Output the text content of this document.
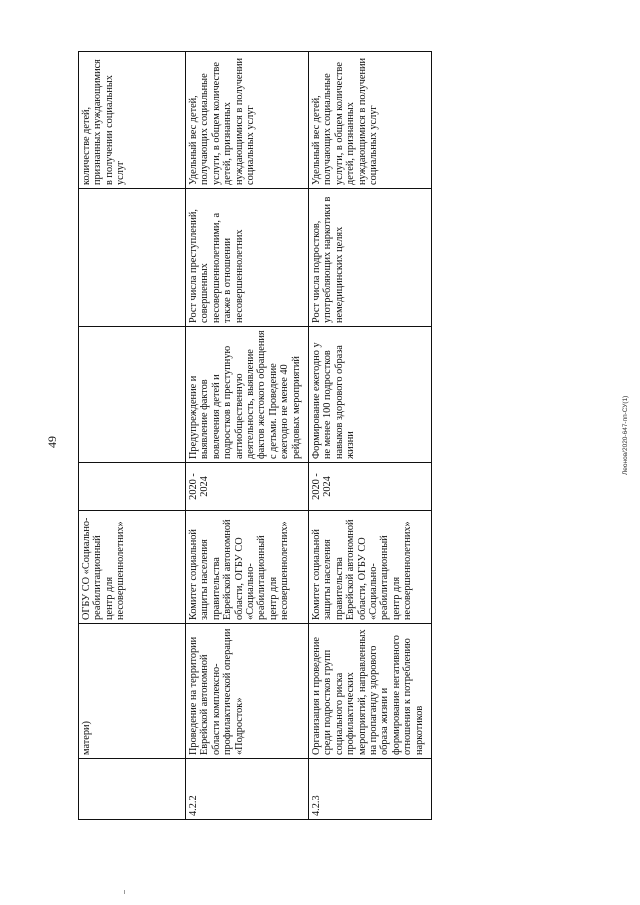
49	Леонов/2020-647-пп-СУ(1)
	матери)	ОГБУ СО «Социально-реабилитационный центр для несовершеннолетних»				количестве детей, признанных нуждающимися в получении социальных услуг
4.2.2	Проведение на территории Еврейской автономной области комплексно-профилактической операции «Подросток»	Комитет социальной защиты населения правительства Еврейской автономной области, ОГБУ СО «Социально-реабилитационный центр для несовершеннолетних»	2020 - 2024	Предупреждение и выявление фактов вовлечения детей и подростков в преступную антиобщественную деятельность, выявление фактов жестокого обращения с детьми. Проведение ежегодно не менее 40 рейдовых мероприятий	Рост числа преступлений, совершенных несовершеннолетними, а также в отношении несовершеннолетних	Удельный вес детей, получающих социальные услуги, в общем количестве детей, признанных нуждающимися в получении социальных услуг
4.2.3	Организация и проведение среди подростков групп социального риска профилактических мероприятий, направленных на пропаганду здорового образа жизни и формирование негативного отношения к потреблению наркотиков	Комитет социальной защиты населения правительства Еврейской автономной области, ОГБУ СО «Социально-реабилитационный центр для несовершеннолетних»	2020 - 2024	Формирование ежегодно у не менее 100 подростков навыков здорового образа жизни	Рост числа подростков, употребляющих наркотики в немедицинских целях	Удельный вес детей, получающих социальные услуги, в общем количестве детей, признанных нуждающимися в получении социальных услуг
